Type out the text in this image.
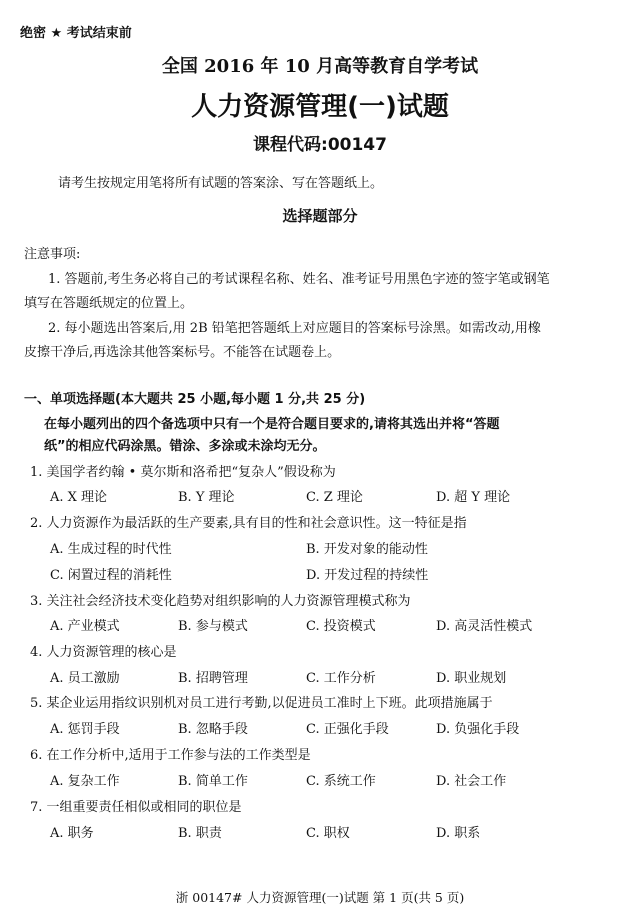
绝密 ★ 考试结束前
全国 2016 年 10 月高等教育自学考试
人力资源管理(一)试题
课程代码:00147
请考生按规定用笔将所有试题的答案涂、写在答题纸上。
选择题部分
注意事项:
1. 答题前,考生务必将自己的考试课程名称、姓名、准考证号用黑色字迹的签字笔或钢笔
填写在答题纸规定的位置上。
2. 每小题选出答案后,用 2B 铅笔把答题纸上对应题目的答案标号涂黑。如需改动,用橡
皮擦干净后,再选涂其他答案标号。不能答在试题卷上。
一、单项选择题(本大题共 25 小题,每小题 1 分,共 25 分)
在每小题列出的四个备选项中只有一个是符合题目要求的,请将其选出并将“答题
纸”的相应代码涂黑。错涂、多涂或未涂均无分。
1. 美国学者约翰 • 莫尔斯和洛希把“复杂人”假设称为
A. X 理论	B. Y 理论	C. Z 理论	D. 超 Y 理论
2. 人力资源作为最活跃的生产要素,具有目的性和社会意识性。这一特征是指
A. 生成过程的时代性	B. 开发对象的能动性
C. 闲置过程的消耗性	D. 开发过程的持续性
3. 关注社会经济技术变化趋势对组织影响的人力资源管理模式称为
A. 产业模式	B. 参与模式	C. 投资模式	D. 高灵活性模式
4. 人力资源管理的核心是
A. 员工激励	B. 招聘管理	C. 工作分析	D. 职业规划
5. 某企业运用指纹识别机对员工进行考勤,以促进员工准时上下班。此项措施属于
A. 惩罚手段	B. 忽略手段	C. 正强化手段	D. 负强化手段
6. 在工作分析中,适用于工作参与法的工作类型是
A. 复杂工作	B. 简单工作	C. 系统工作	D. 社会工作
7. 一组重要责任相似或相同的职位是
A. 职务	B. 职责	C. 职权	D. 职系
浙 00147# 人力资源管理(一)试题 第 1 页(共 5 页)
